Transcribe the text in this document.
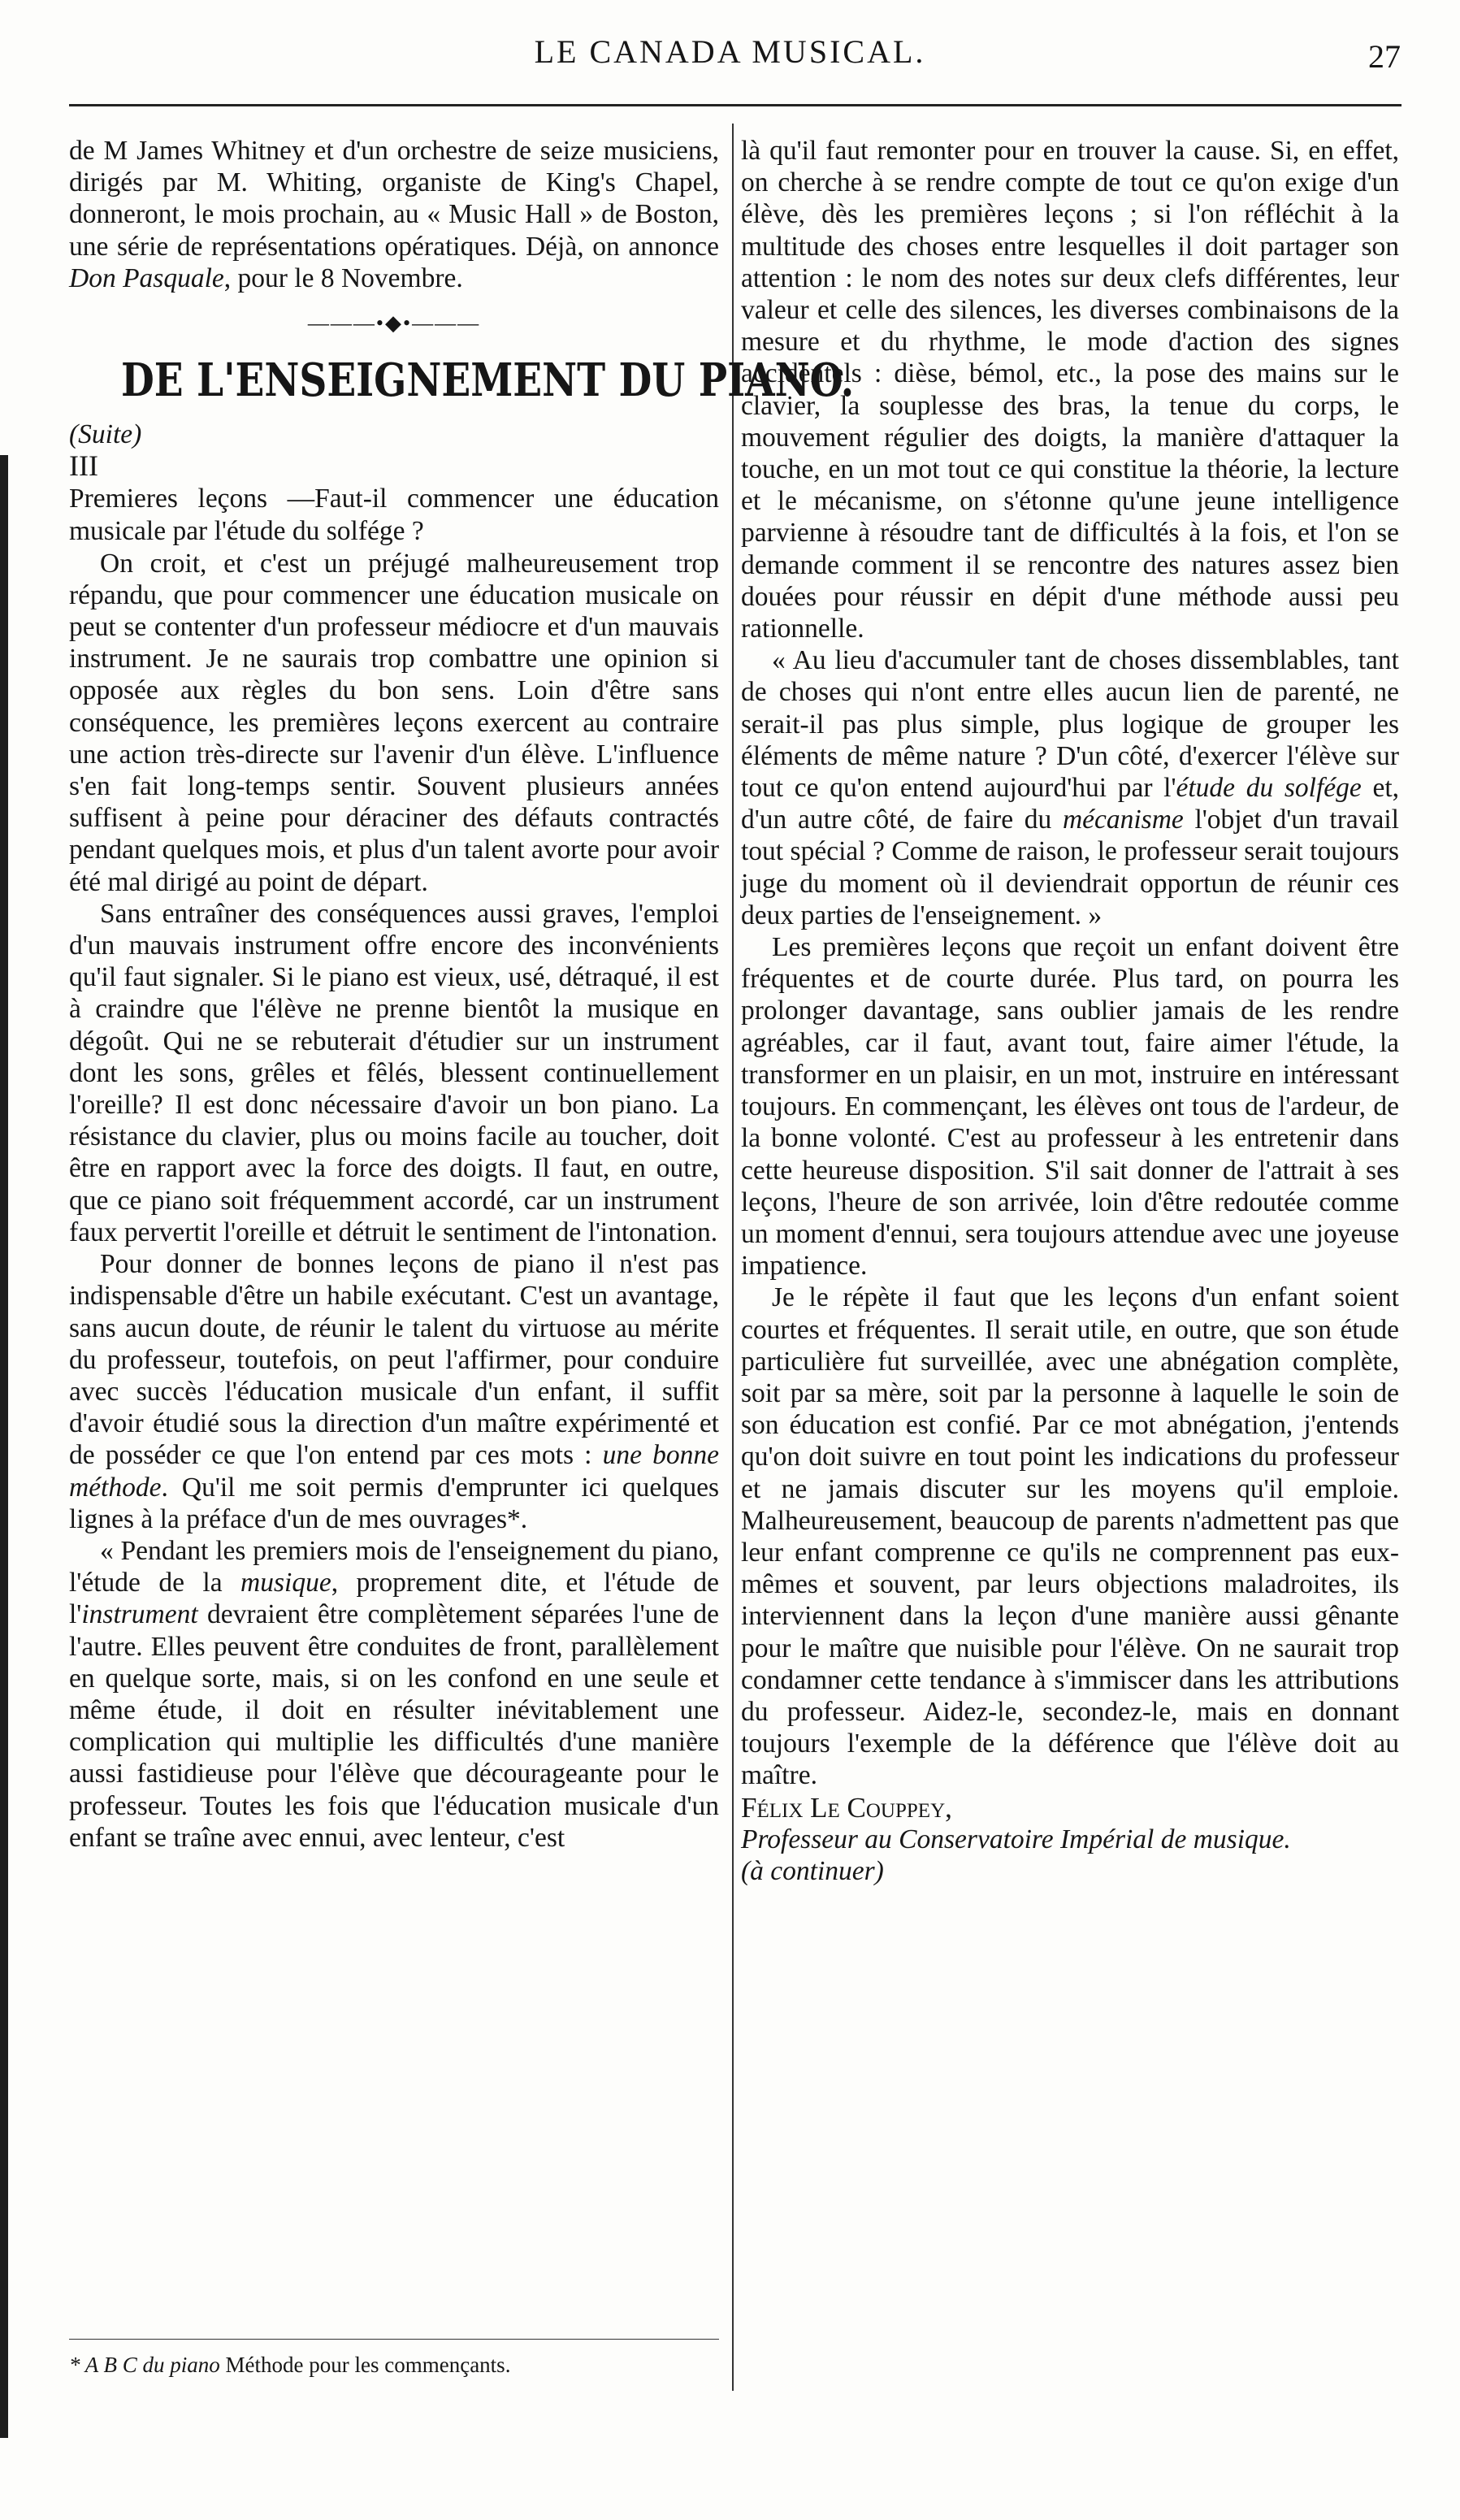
LE CANADA MUSICAL.	27

de M James Whitney et d'un orchestre de seize musiciens, dirigés par M. Whiting, organiste de King's Chapel, donneront, le mois prochain, au « Music Hall » de Boston, une série de représentations opératiques. Déjà, on annonce Don Pasquale, pour le 8 Novembre.

———•◆•———
DE L'ENSEIGNEMENT DU PIANO.

(Suite)

III

Premieres leçons —Faut-il commencer une éducation musicale par l'étude du solfége ?

On croit, et c'est un préjugé malheureusement trop répandu, que pour commencer une éducation musicale on peut se contenter d'un professeur médiocre et d'un mauvais instrument. Je ne saurais trop combattre une opinion si opposée aux règles du bon sens. Loin d'être sans conséquence, les premières leçons exercent au contraire une action très-directe sur l'avenir d'un élève. L'influence s'en fait long-temps sentir. Souvent plusieurs années suffisent à peine pour déraciner des défauts contractés pendant quelques mois, et plus d'un talent avorte pour avoir été mal dirigé au point de départ.

Sans entraîner des conséquences aussi graves, l'emploi d'un mauvais instrument offre encore des inconvénients qu'il faut signaler. Si le piano est vieux, usé, détraqué, il est à craindre que l'élève ne prenne bientôt la musique en dégoût. Qui ne se rebuterait d'étudier sur un instrument dont les sons, grêles et fêlés, blessent continuellement l'oreille? Il est donc nécessaire d'avoir un bon piano. La résistance du clavier, plus ou moins facile au toucher, doit être en rapport avec la force des doigts. Il faut, en outre, que ce piano soit fréquemment accordé, car un instrument faux pervertit l'oreille et détruit le sentiment de l'intonation.

Pour donner de bonnes leçons de piano il n'est pas indispensable d'être un habile exécutant. C'est un avantage, sans aucun doute, de réunir le talent du virtuose au mérite du professeur, toutefois, on peut l'affirmer, pour conduire avec succès l'éducation musicale d'un enfant, il suffit d'avoir étudié sous la direction d'un maître expérimenté et de posséder ce que l'on entend par ces mots : une bonne méthode. Qu'il me soit permis d'emprunter ici quelques lignes à la préface d'un de mes ouvrages*.

« Pendant les premiers mois de l'enseignement du piano, l'étude de la musique, proprement dite, et l'étude de l'instrument devraient être complètement séparées l'une de l'autre. Elles peuvent être conduites de front, parallèlement en quelque sorte, mais, si on les confond en une seule et même étude, il doit en résulter inévitablement une complication qui multiplie les difficultés d'une manière aussi fastidieuse pour l'élève que décourageante pour le professeur. Toutes les fois que l'éducation musicale d'un enfant se traîne avec ennui, avec lenteur, c'est

* A B C du piano Méthode pour les commençants.

là qu'il faut remonter pour en trouver la cause. Si, en effet, on cherche à se rendre compte de tout ce qu'on exige d'un élève, dès les premières leçons ; si l'on réfléchit à la multitude des choses entre lesquelles il doit partager son attention : le nom des notes sur deux clefs différentes, leur valeur et celle des silences, les diverses combinaisons de la mesure et du rhythme, le mode d'action des signes accidentels : dièse, bémol, etc., la pose des mains sur le clavier, la souplesse des bras, la tenue du corps, le mouvement régulier des doigts, la manière d'attaquer la touche, en un mot tout ce qui constitue la théorie, la lecture et le mécanisme, on s'étonne qu'une jeune intelligence parvienne à résoudre tant de difficultés à la fois, et l'on se demande comment il se rencontre des natures assez bien douées pour réussir en dépit d'une méthode aussi peu rationnelle.

« Au lieu d'accumuler tant de choses dissemblables, tant de choses qui n'ont entre elles aucun lien de parenté, ne serait-il pas plus simple, plus logique de grouper les éléments de même nature ? D'un côté, d'exercer l'élève sur tout ce qu'on entend aujourd'hui par l'étude du solfége et, d'un autre côté, de faire du mécanisme l'objet d'un travail tout spécial ? Comme de raison, le professeur serait toujours juge du moment où il deviendrait opportun de réunir ces deux parties de l'enseignement. »

Les premières leçons que reçoit un enfant doivent être fréquentes et de courte durée. Plus tard, on pourra les prolonger davantage, sans oublier jamais de les rendre agréables, car il faut, avant tout, faire aimer l'étude, la transformer en un plaisir, en un mot, instruire en intéressant toujours. En commençant, les élèves ont tous de l'ardeur, de la bonne volonté. C'est au professeur à les entretenir dans cette heureuse disposition. S'il sait donner de l'attrait à ses leçons, l'heure de son arrivée, loin d'être redoutée comme un moment d'ennui, sera toujours attendue avec une joyeuse impatience.

Je le répète il faut que les leçons d'un enfant soient courtes et fréquentes. Il serait utile, en outre, que son étude particulière fut surveillée, avec une abnégation complète, soit par sa mère, soit par la personne à laquelle le soin de son éducation est confié. Par ce mot abnégation, j'entends qu'on doit suivre en tout point les indications du professeur et ne jamais discuter sur les moyens qu'il emploie. Malheureusement, beaucoup de parents n'admettent pas que leur enfant comprenne ce qu'ils ne comprennent pas eux-mêmes et souvent, par leurs objections maladroites, ils interviennent dans la leçon d'une manière aussi gênante pour le maître que nuisible pour l'élève. On ne saurait trop condamner cette tendance à s'immiscer dans les attributions du professeur. Aidez-le, secondez-le, mais en donnant toujours l'exemple de la déférence que l'élève doit au maître.

Félix Le Couppey,

Professeur au Conservatoire Impérial de musique.

(à continuer)
